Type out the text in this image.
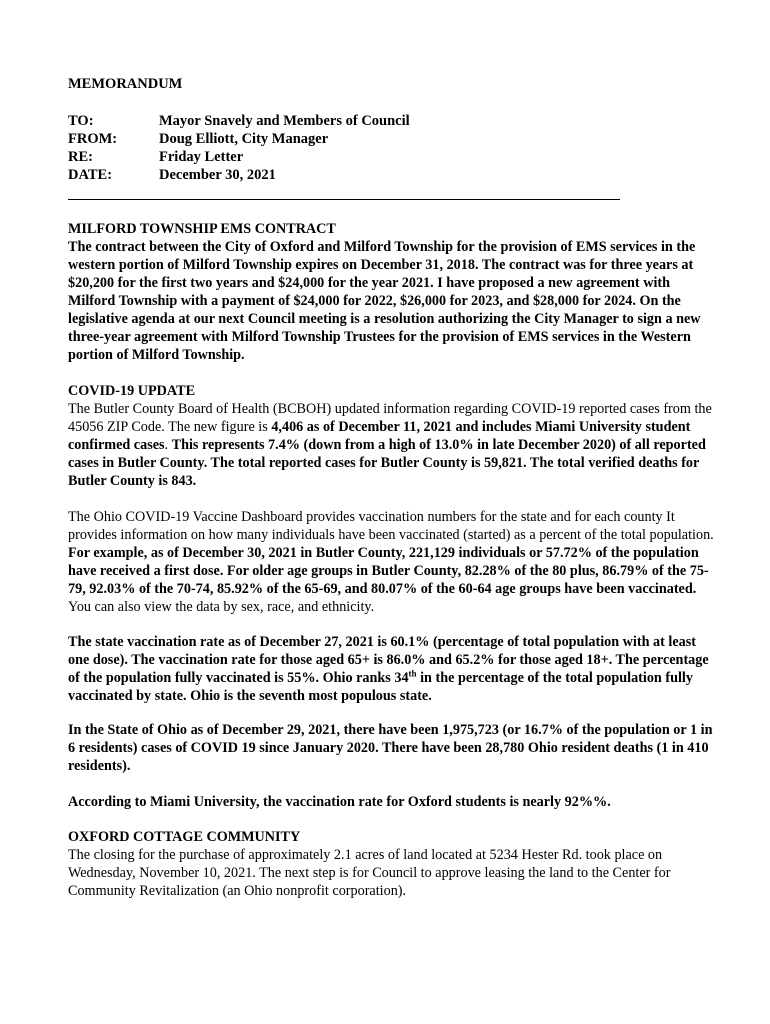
MEMORANDUM
TO:	Mayor Snavely and Members of Council
FROM:	Doug Elliott, City Manager
RE:	Friday Letter
DATE:	December 30, 2021

MILFORD TOWNSHIP EMS CONTRACT

The contract between the City of Oxford and Milford Township for the provision of EMS services in the western portion of Milford Township expires on December 31, 2018. The contract was for three years at $20,200 for the first two years and $24,000 for the year 2021. I have proposed a new agreement with Milford Township with a payment of $24,000 for 2022, $26,000 for 2023, and $28,000 for 2024. On the legislative agenda at our next Council meeting is a resolution authorizing the City Manager to sign a new three-year agreement with Milford Township Trustees for the provision of EMS services in the Western portion of Milford Township.

COVID-19 UPDATE

The Butler County Board of Health (BCBOH) updated information regarding COVID-19 reported cases from the 45056 ZIP Code. The new figure is 4,406 as of December 11, 2021 and includes Miami University student confirmed cases. This represents 7.4% (down from a high of 13.0% in late December 2020) of all reported cases in Butler County. The total reported cases for Butler County is 59,821. The total verified deaths for Butler County is 843.

The Ohio COVID-19 Vaccine Dashboard provides vaccination numbers for the state and for each county It provides information on how many individuals have been vaccinated (started) as a percent of the total population. For example, as of December 30, 2021 in Butler County, 221,129 individuals or 57.72% of the population have received a first dose. For older age groups in Butler County, 82.28% of the 80 plus, 86.79% of the 75-79, 92.03% of the 70-74, 85.92% of the 65-69, and 80.07% of the 60-64 age groups have been vaccinated. You can also view the data by sex, race, and ethnicity.

The state vaccination rate as of December 27, 2021 is 60.1% (percentage of total population with at least one dose). The vaccination rate for those aged 65+ is 86.0% and 65.2% for those aged 18+. The percentage of the population fully vaccinated is 55%. Ohio ranks 34th in the percentage of the total population fully vaccinated by state. Ohio is the seventh most populous state.

In the State of Ohio as of December 29, 2021, there have been 1,975,723 (or 16.7% of the population or 1 in 6 residents) cases of COVID 19 since January 2020. There have been 28,780 Ohio resident deaths (1 in 410 residents).

According to Miami University, the vaccination rate for Oxford students is nearly 92%%.

OXFORD COTTAGE COMMUNITY

The closing for the purchase of approximately 2.1 acres of land located at 5234 Hester Rd. took place on Wednesday, November 10, 2021. The next step is for Council to approve leasing the land to the Center for Community Revitalization (an Ohio nonprofit corporation).
